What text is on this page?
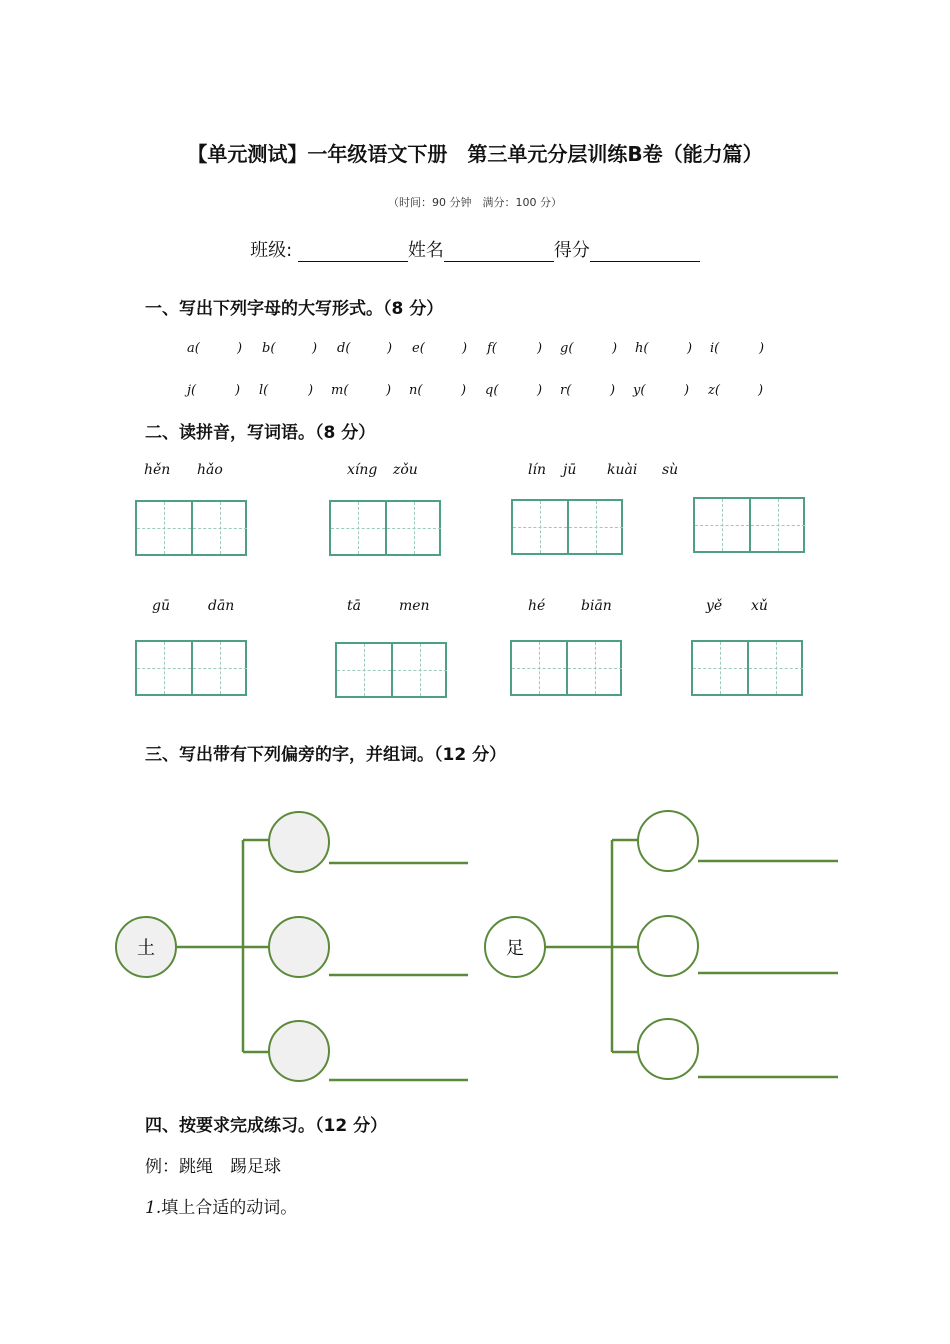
【单元测试】一年级语文下册　第三单元分层训练B卷（能力篇）
（时间：90 分钟　满分：100 分）
班级:	姓名	得分
一、写出下列字母的大写形式。（8 分）
a(	) b(	) d(	) e(	) f(	) g(	) h(	) i(	)
j(	) l(	) m(	) n(	) q(	) r(	) y(	) z(	)
二、读拼音，写词语。（8 分）
hěn hǎo	xíng zǒu	lín jū kuài sù
gū	dān	tā	men	hé	biān	yě xǔ
三、写出带有下列偏旁的字，并组词。（12 分）
土	足
四、按要求完成练习。（12 分）
例：跳绳　踢足球
1.填上合适的动词。
